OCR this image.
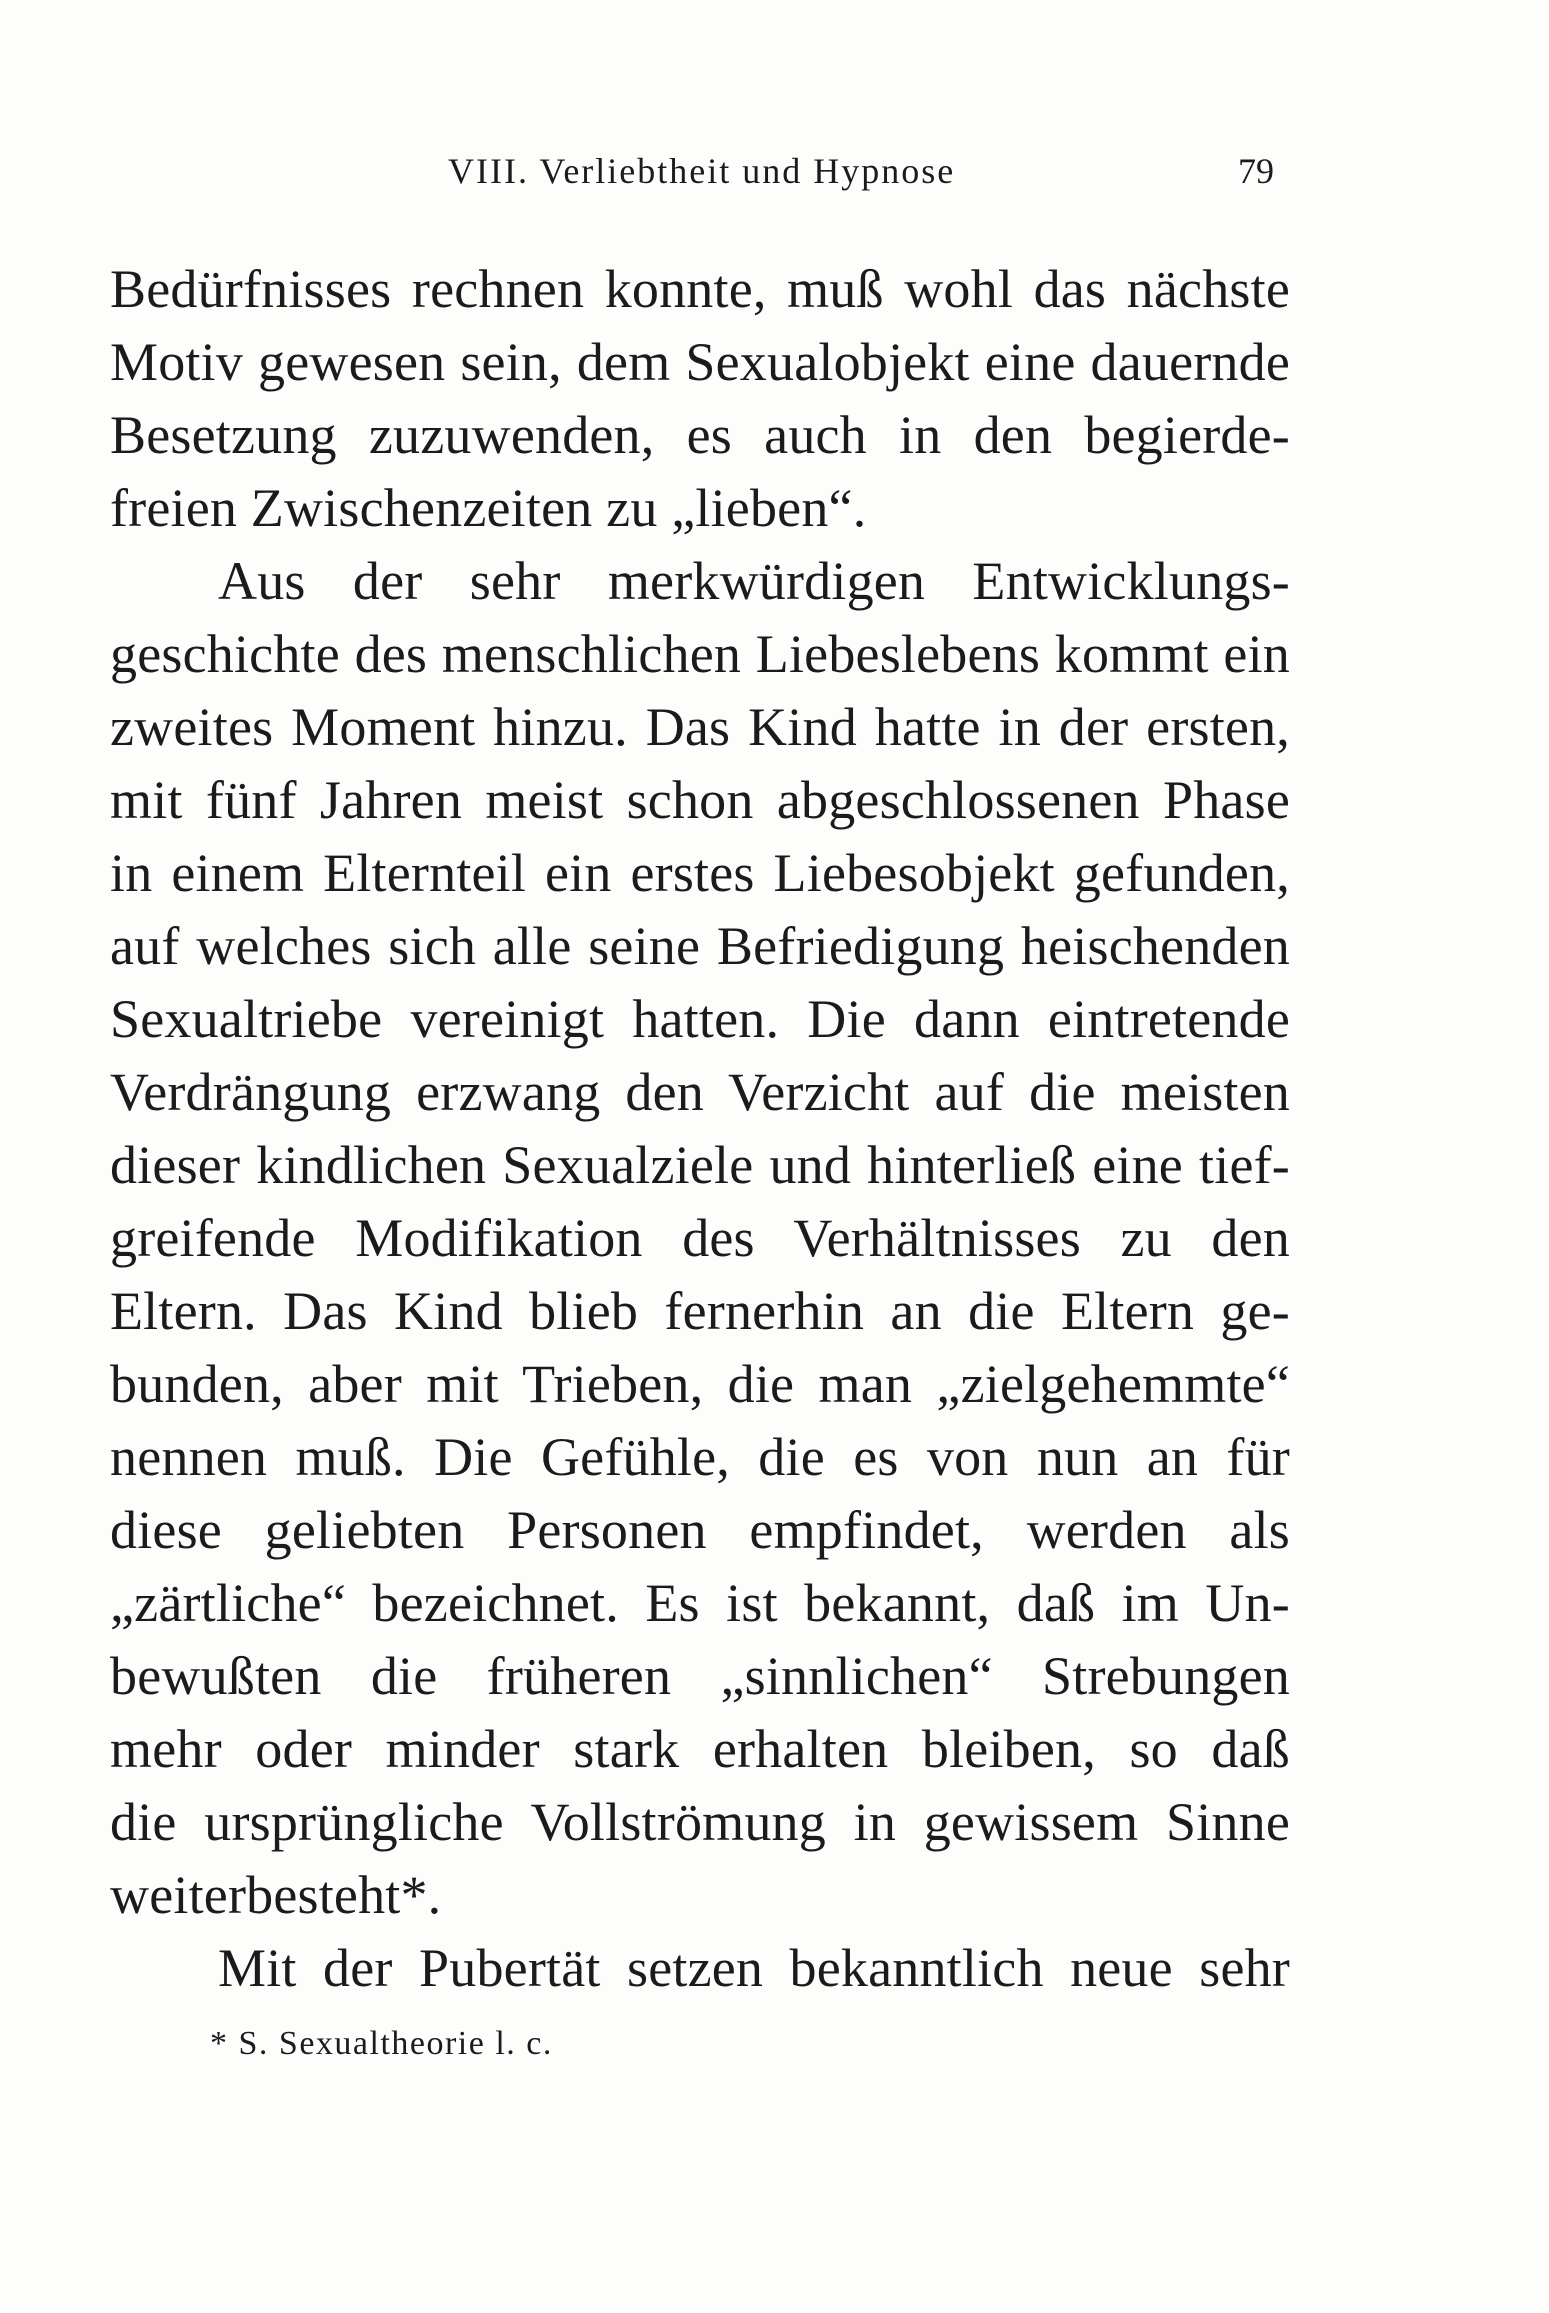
VIII. Verliebtheit und Hypnose	79
Bedürfnisses rechnen konnte, muß wohl das nächste
Motiv gewesen sein, dem Sexualobjekt eine dauernde
Besetzung zuzuwenden, es auch in den begierde-
freien Zwischenzeiten zu „lieben“.
Aus der sehr merkwürdigen Entwicklungs-
geschichte des menschlichen Liebeslebens kommt ein
zweites Moment hinzu. Das Kind hatte in der ersten,
mit fünf Jahren meist schon abgeschlossenen Phase
in einem Elternteil ein erstes Liebesobjekt gefunden,
auf welches sich alle seine Befriedigung heischenden
Sexualtriebe vereinigt hatten. Die dann eintretende
Verdrängung erzwang den Verzicht auf die meisten
dieser kindlichen Sexualziele und hinterließ eine tief-
greifende Modifikation des Verhältnisses zu den
Eltern. Das Kind blieb fernerhin an die Eltern ge-
bunden, aber mit Trieben, die man „zielgehemmte“
nennen muß. Die Gefühle, die es von nun an für
diese geliebten Personen empfindet, werden als
„zärtliche“ bezeichnet. Es ist bekannt, daß im Un-
bewußten die früheren „sinnlichen“ Strebungen
mehr oder minder stark erhalten bleiben, so daß
die ursprüngliche Vollströmung in gewissem Sinne
weiterbesteht*.
Mit der Pubertät setzen bekanntlich neue sehr
* S. Sexualtheorie l. c.
